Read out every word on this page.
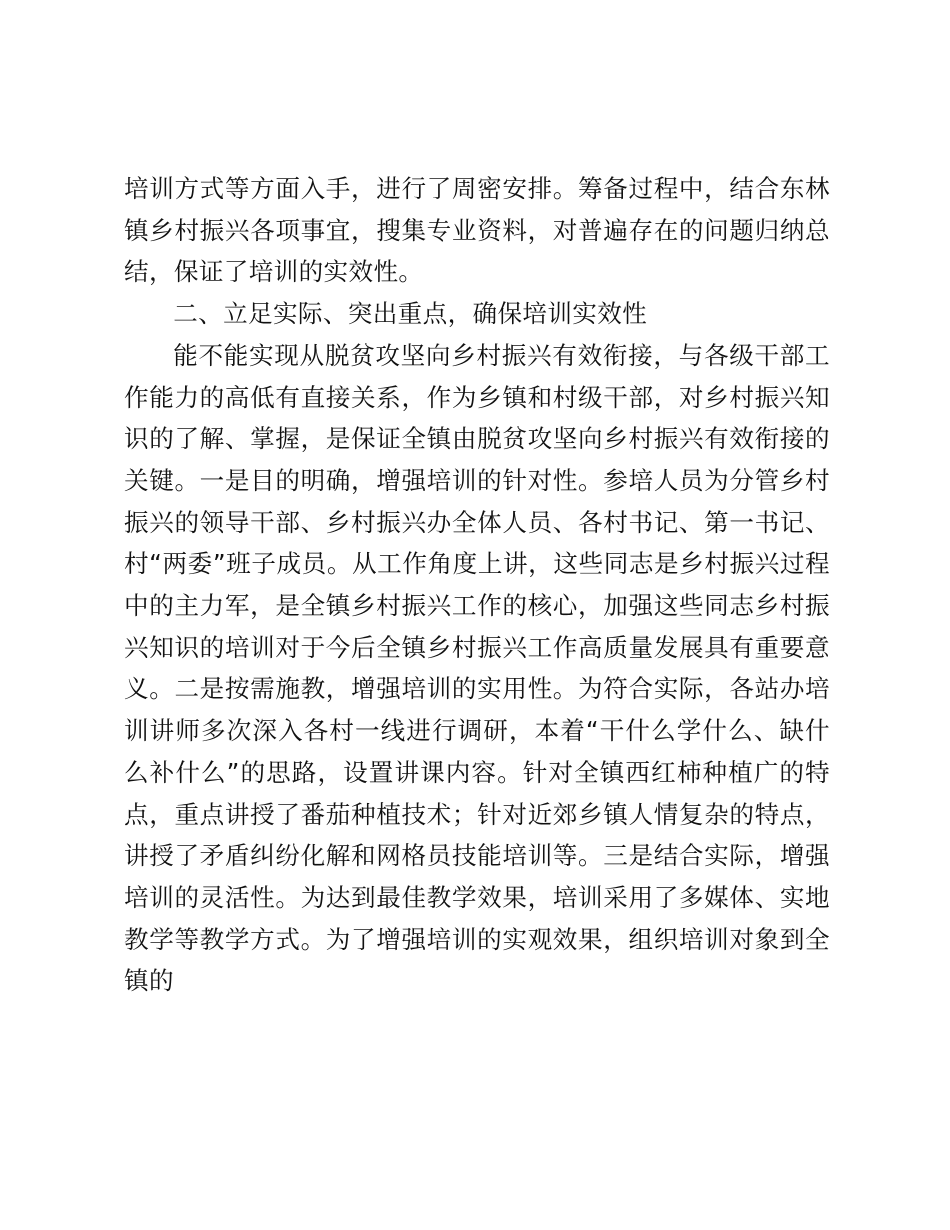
培训方式等方面入手，进行了周密安排。筹备过程中，结合东林镇乡村振兴各项事宜，搜集专业资料，对普遍存在的问题归纳总结，保证了培训的实效性。

二、立足实际、突出重点，确保培训实效性

能不能实现从脱贫攻坚向乡村振兴有效衔接，与各级干部工作能力的高低有直接关系，作为乡镇和村级干部，对乡村振兴知识的了解、掌握，是保证全镇由脱贫攻坚向乡村振兴有效衔接的关键。一是目的明确，增强培训的针对性。参培人员为分管乡村振兴的领导干部、乡村振兴办全体人员、各村书记、第一书记、村“两委”班子成员。从工作角度上讲，这些同志是乡村振兴过程中的主力军，是全镇乡村振兴工作的核心，加强这些同志乡村振兴知识的培训对于今后全镇乡村振兴工作高质量发展具有重要意义。二是按需施教，增强培训的实用性。为符合实际，各站办培训讲师多次深入各村一线进行调研，本着“干什么学什么、缺什么补什么”的思路，设置讲课内容。针对全镇西红柿种植广的特点，重点讲授了番茄种植技术；针对近郊乡镇人情复杂的特点，讲授了矛盾纠纷化解和网格员技能培训等。三是结合实际，增强培训的灵活性。为达到最佳教学效果，培训采用了多媒体、实地教学等教学方式。为了增强培训的实观效果，组织培训对象到全镇的
